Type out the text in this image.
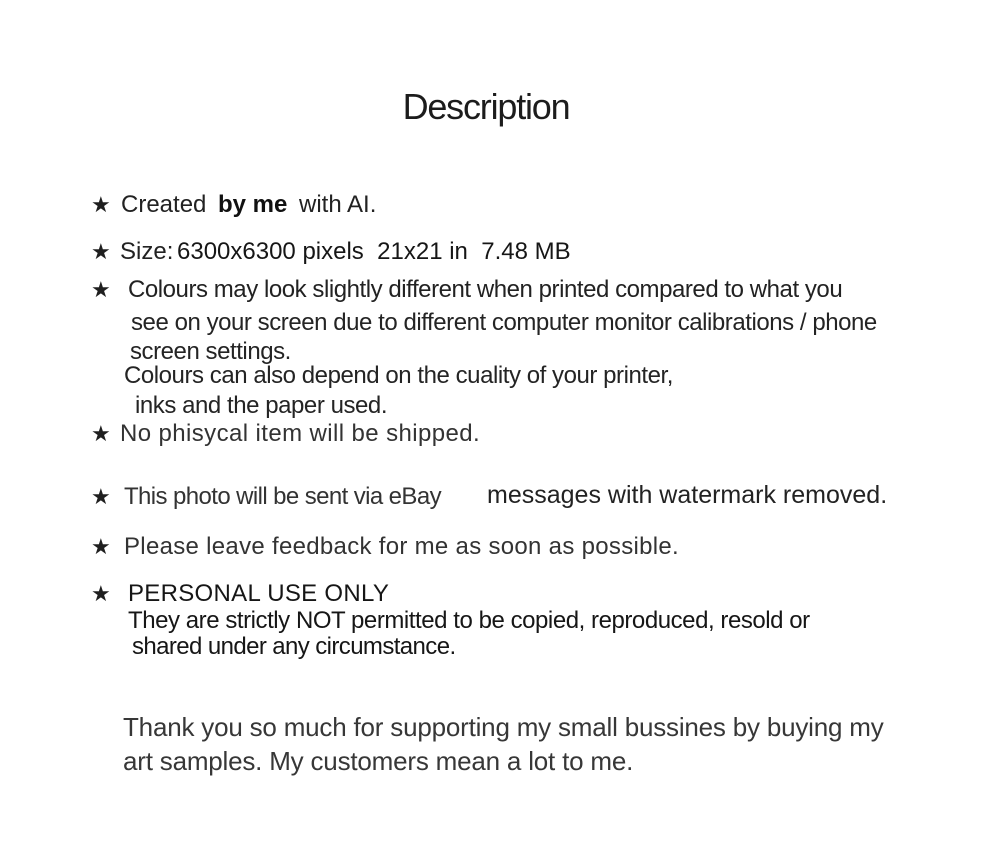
Description

★

Created

by me

with AI.

★

Size:

6300x6300 pixels  21x21 in  7.48 MB

★

Colours may look slightly different when printed compared to what you

see on your screen due to different computer monitor calibrations / phone
screen settings.
Colours can also depend on the cuality of your printer,
inks and the paper used.

★

No phisycal item will be shipped.

★

This photo will be sent via eBay

messages with watermark removed.

★

Please leave feedback for me as soon as possible.

★

PERSONAL USE ONLY

They are strictly NOT permitted to be copied, reproduced, resold or
shared under any circumstance.
Thank you so much for supporting my small bussines by buying my
art samples. My customers mean a lot to me.
